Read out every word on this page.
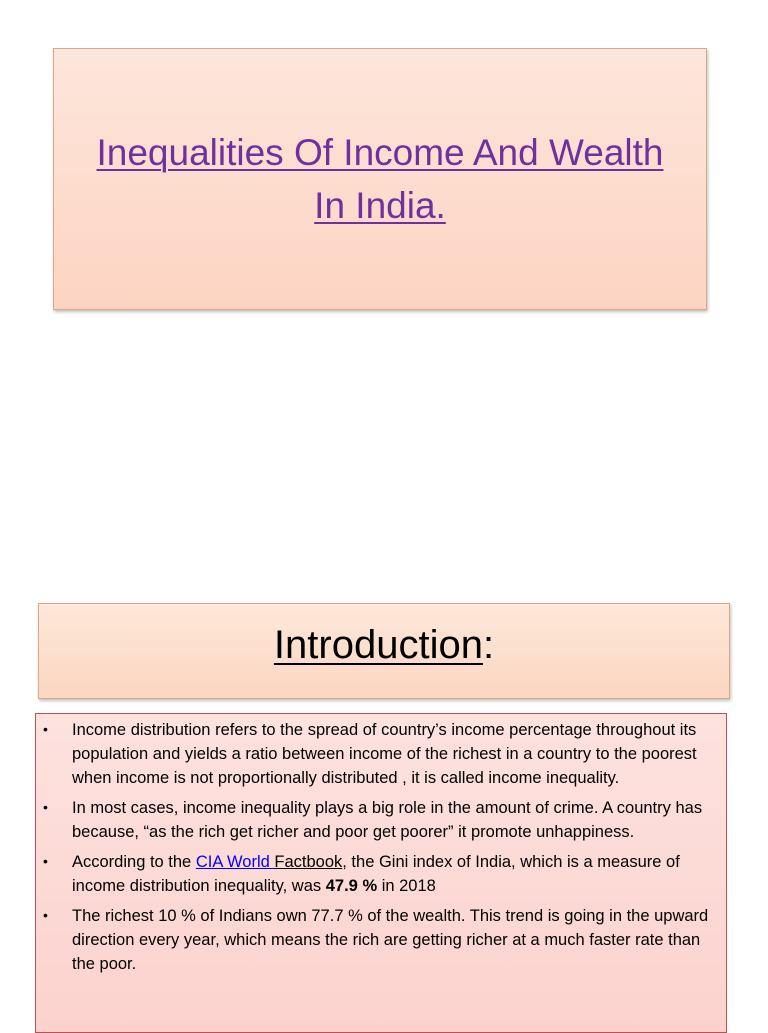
Inequalities Of Income And Wealth In India.

Introduction:

• Income distribution refers to the spread of country’s income percentage throughout its population and yields a ratio between income of the richest in a country to the poorest when income is not proportionally distributed , it is called income inequality.
• In most cases, income inequality plays a big role in the amount of crime. A country has because, “as the rich get richer and poor get poorer” it promote unhappiness.
• According to the CIA World Factbook, the Gini index of India, which is a measure of income distribution inequality, was 47.9 % in 2018
• The richest 10 % of Indians own 77.7 % of the wealth. This trend is going in the upward direction every year, which means the rich are getting richer at a much faster rate than the poor.
